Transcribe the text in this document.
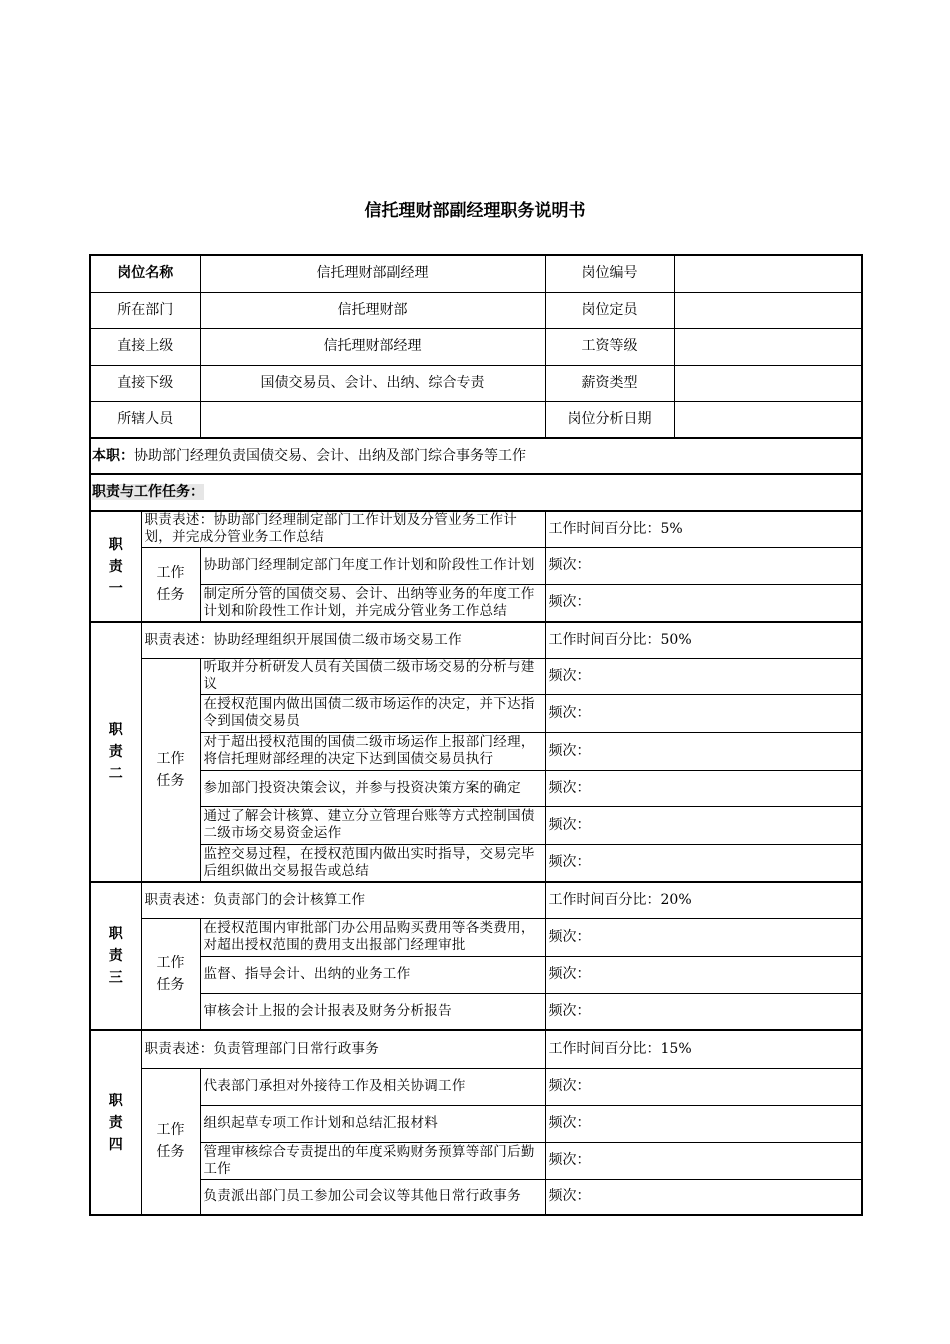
信托理财部副经理职务说明书
岗位名称		信托理财部副经理	岗位编号	
所在部门		信托理财部	岗位定员	
直接上级		信托理财部经理	工资等级	
直接下级		国债交易员、会计、出纳、综合专责	薪资类型	
所辖人员			岗位分析日期	
本职：协助部门经理负责国债交易、会计、出纳及部门综合事务等工作				
职责与工作任务：				
职
责
一	职责表述：协助部门经理制定部门工作计划及分管业务工作计划，并完成分管业务工作总结		工作时间百分比：5%	
	工作
任务	协助部门经理制定部门年度工作计划和阶段性工作计划	频次：	
		制定所分管的国债交易、会计、出纳等业务的年度工作计划和阶段性工作计划，并完成分管业务工作总结	频次：	
职
责
二	职责表述：协助经理组织开展国债二级市场交易工作		工作时间百分比：50%	
	工作
任务	听取并分析研发人员有关国债二级市场交易的分析与建议	频次：	
		在授权范围内做出国债二级市场运作的决定，并下达指令到国债交易员	频次：	
		对于超出授权范围的国债二级市场运作上报部门经理，将信托理财部经理的决定下达到国债交易员执行	频次：	
		参加部门投资决策会议，并参与投资决策方案的确定	频次：	
		通过了解会计核算、建立分立管理台账等方式控制国债二级市场交易资金运作	频次：	
		监控交易过程，在授权范围内做出实时指导，交易完毕后组织做出交易报告或总结	频次：	
职
责
三	职责表述：负责部门的会计核算工作		工作时间百分比：20%	
	工作
任务	在授权范围内审批部门办公用品购买费用等各类费用，对超出授权范围的费用支出报部门经理审批	频次：	
		监督、指导会计、出纳的业务工作	频次：	
		审核会计上报的会计报表及财务分析报告	频次：	
职
责
四	职责表述：负责管理部门日常行政事务		工作时间百分比：15%	
	工作
任务	代表部门承担对外接待工作及相关协调工作	频次：	
		组织起草专项工作计划和总结汇报材料	频次：	
		管理审核综合专责提出的年度采购财务预算等部门后勤工作	频次：	
		负责派出部门员工参加公司会议等其他日常行政事务	频次：	
